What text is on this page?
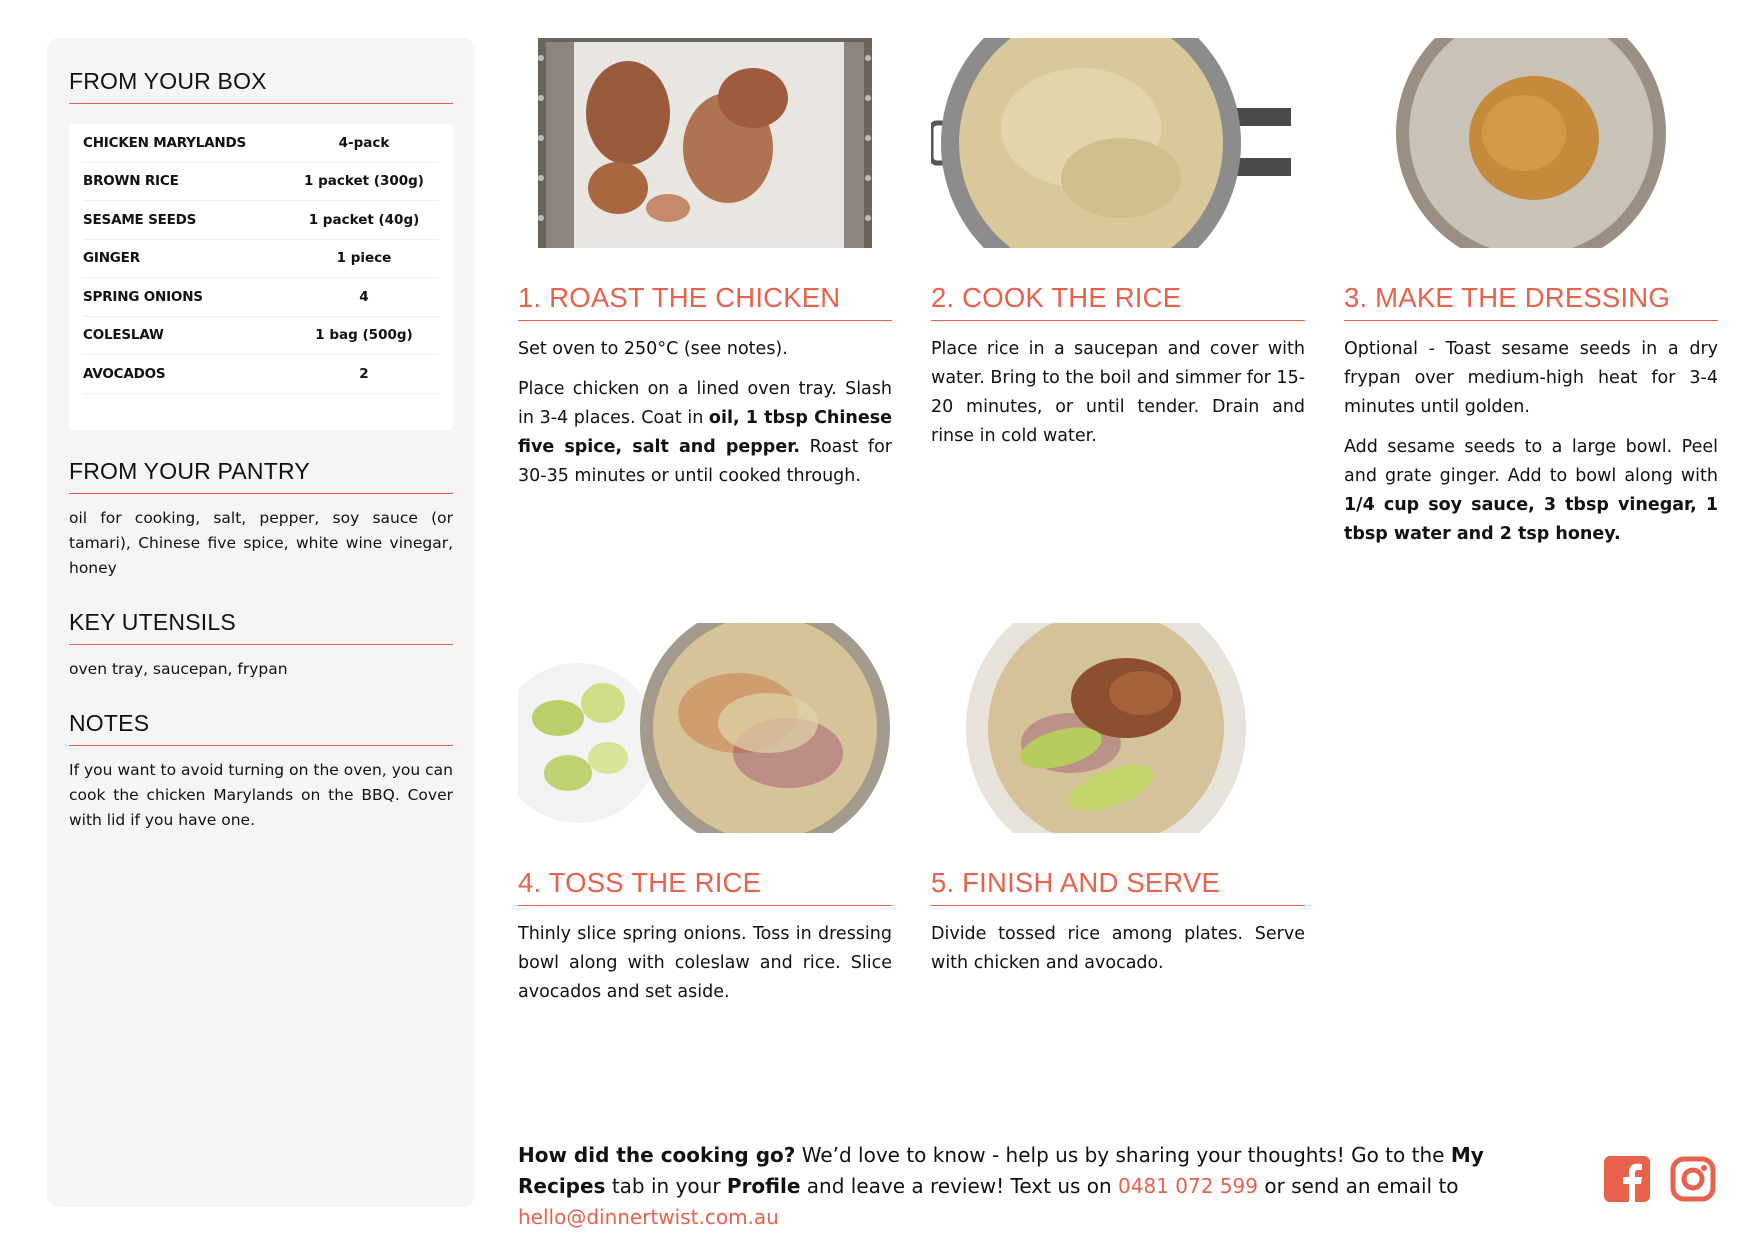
FROM YOUR BOX
CHICKEN MARYLANDS	4-pack
BROWN RICE	1 packet (300g)
SESAME SEEDS	1 packet (40g)
GINGER	1 piece
SPRING ONIONS	4
COLESLAW	1 bag (500g)
AVOCADOS	2
FROM YOUR PANTRY

oil for cooking, salt, pepper, soy sauce (or tamari), Chinese five spice, white wine vinegar, honey

KEY UTENSILS

oven tray, saucepan, frypan

NOTES

If you want to avoid turning on the oven, you can cook the chicken Marylands on the BBQ. Cover with lid if you have one.

1. ROAST THE CHICKEN

Set oven to 250°C (see notes).

Place chicken on a lined oven tray. Slash in 3-4 places. Coat in oil, 1 tbsp Chinese five spice, salt and pepper. Roast for 30-35 minutes or until cooked through.

2. COOK THE RICE

Place rice in a saucepan and cover with water. Bring to the boil and simmer for 15-20 minutes, or until tender. Drain and rinse in cold water.

3. MAKE THE DRESSING

Optional - Toast sesame seeds in a dry frypan over medium-high heat for 3-4 minutes until golden.

Add sesame seeds to a large bowl. Peel and grate ginger. Add to bowl along with 1/4 cup soy sauce, 3 tbsp vinegar, 1 tbsp water and 2 tsp honey.

4. TOSS THE RICE

Thinly slice spring onions. Toss in dressing bowl along with coleslaw and rice. Slice avocados and set aside.

5. FINISH AND SERVE

Divide tossed rice among plates. Serve with chicken and avocado.

How did the cooking go? We’d love to know - help us by sharing your thoughts! Go to the My Recipes tab in your Profile and leave a review! Text us on 0481 072 599 or send an email to hello@dinnertwist.com.au
